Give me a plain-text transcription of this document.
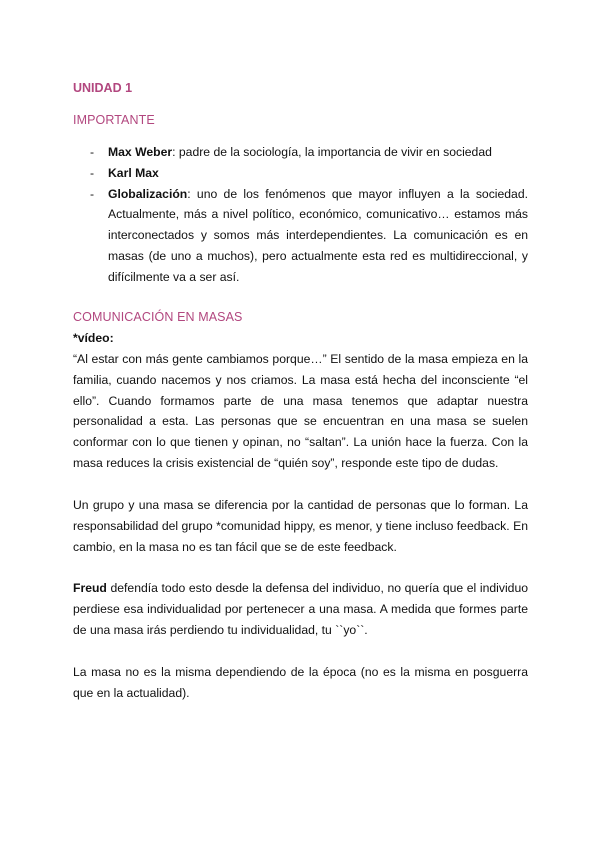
UNIDAD 1
IMPORTANTE
- Max Weber: padre de la sociología, la importancia de vivir en sociedad
- Karl Max
- Globalización: uno de los fenómenos que mayor influyen a la sociedad. Actualmente, más a nivel político, económico, comunicativo… estamos más interconectados y somos más interdependientes. La comunicación es en masas (de uno a muchos), pero actualmente esta red es multidireccional, y difícilmente va a ser así.
COMUNICACIÓN EN MASAS
*vídeo:
“Al estar con más gente cambiamos porque…” El sentido de la masa empieza en la familia, cuando nacemos y nos criamos. La masa está hecha del inconsciente “el ello”. Cuando formamos parte de una masa tenemos que adaptar nuestra personalidad a esta. Las personas que se encuentran en una masa se suelen conformar con lo que tienen y opinan, no “saltan”. La unión hace la fuerza. Con la masa reduces la crisis existencial de “quién soy”, responde este tipo de dudas.
Un grupo y una masa se diferencia por la cantidad de personas que lo forman. La responsabilidad del grupo *comunidad hippy, es menor, y tiene incluso feedback. En cambio, en la masa no es tan fácil que se de este feedback.
Freud defendía todo esto desde la defensa del individuo, no quería que el individuo perdiese esa individualidad por pertenecer a una masa. A medida que formes parte de una masa irás perdiendo tu individualidad, tu ``yo``.
La masa no es la misma dependiendo de la época (no es la misma en posguerra que en la actualidad).
